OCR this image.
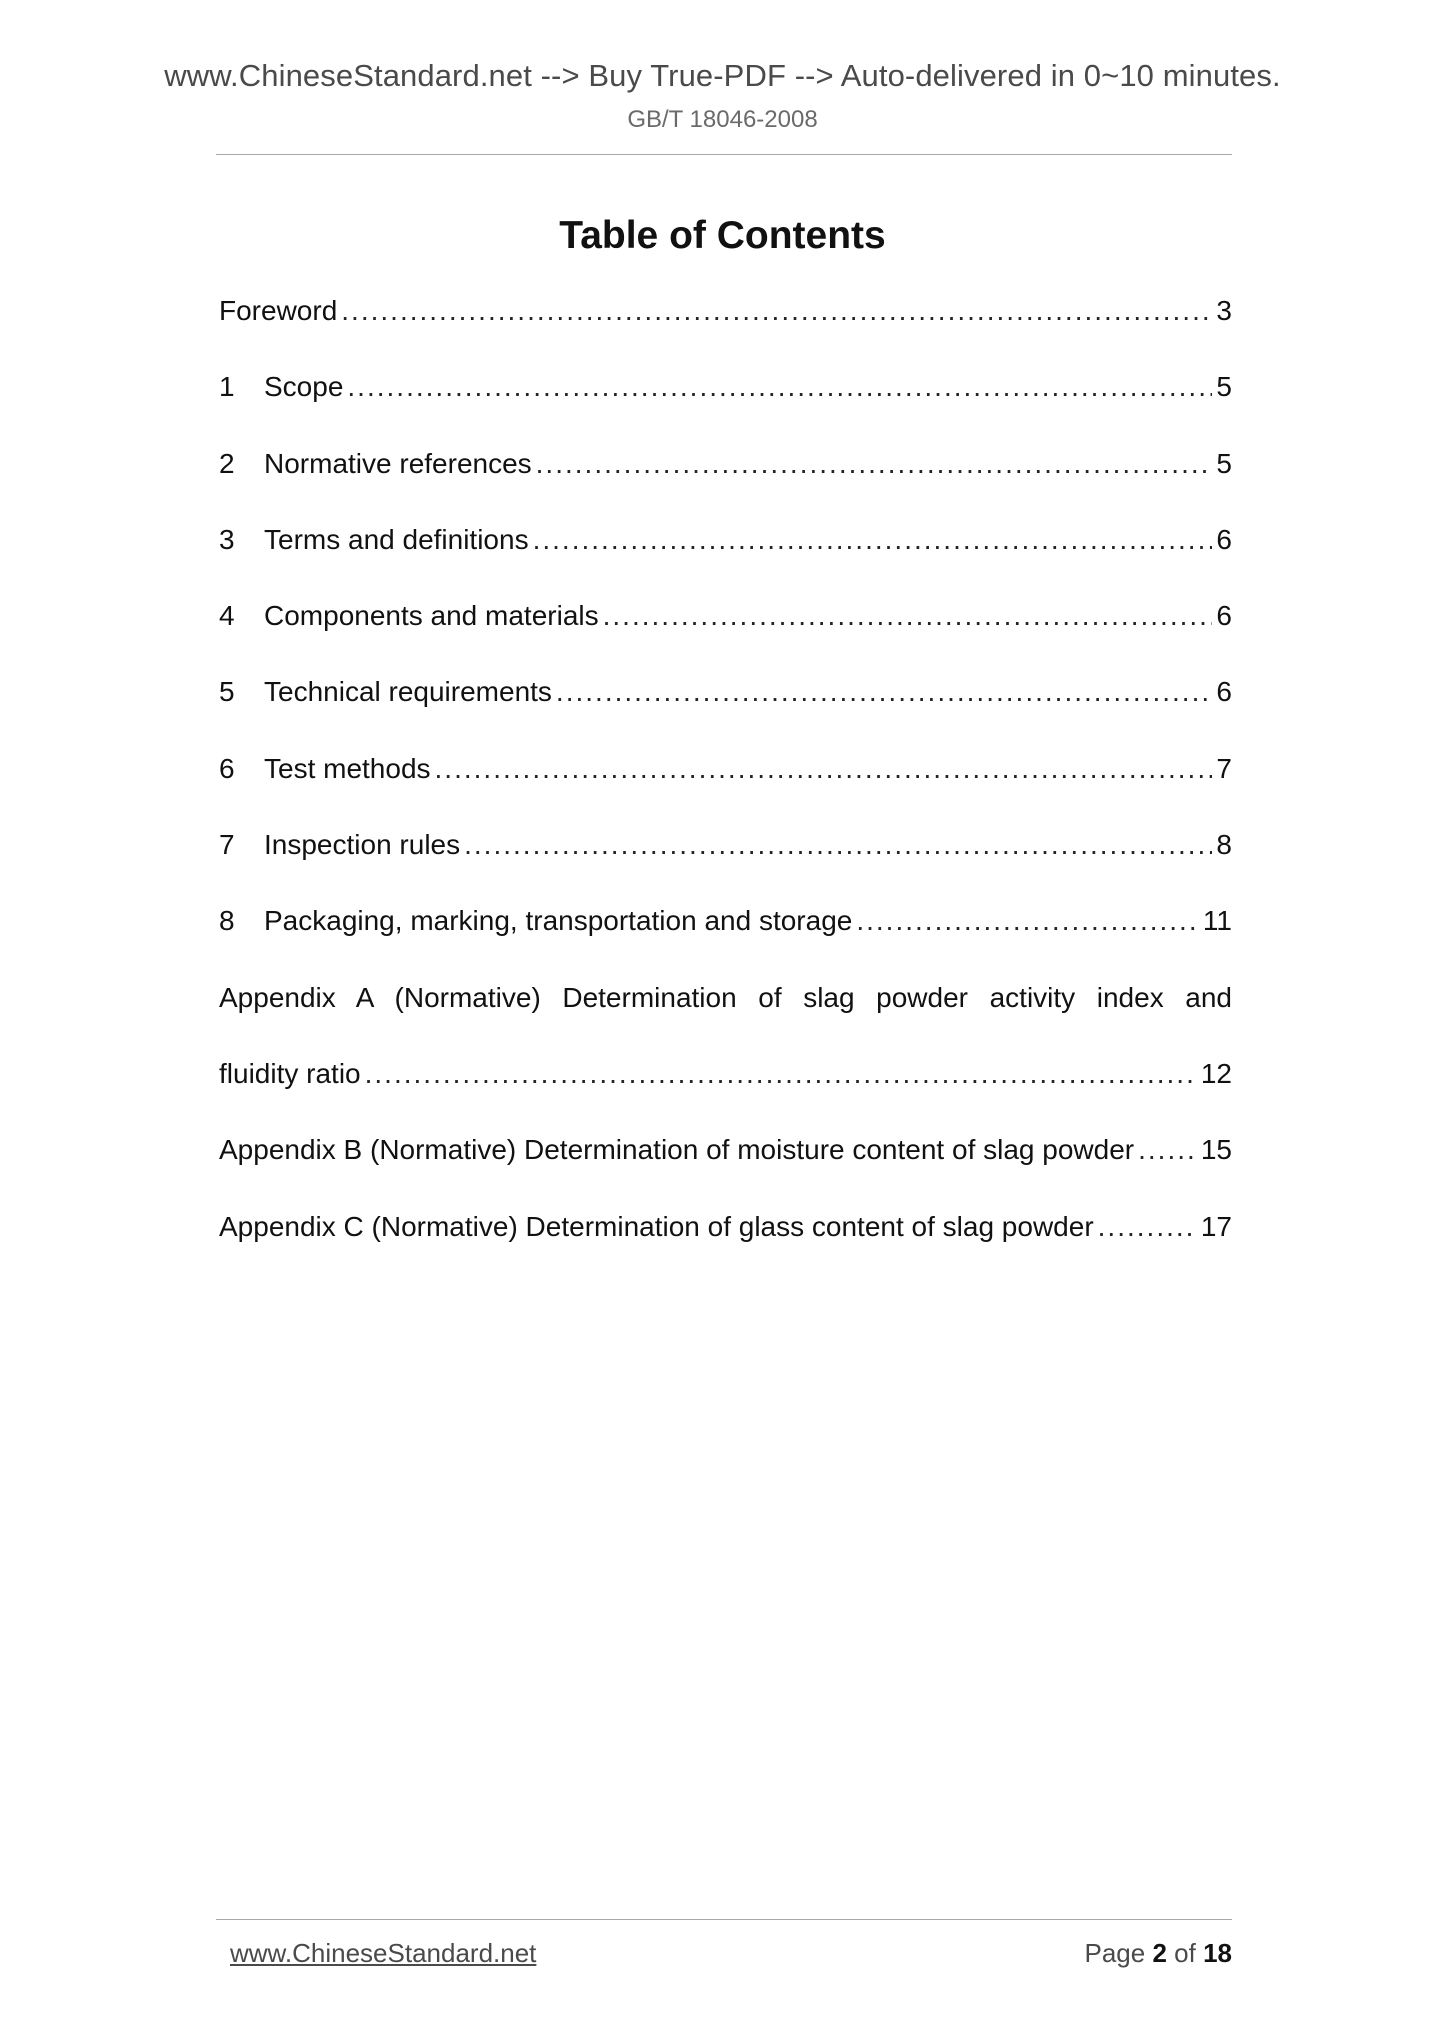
www.ChineseStandard.net --> Buy True-PDF --> Auto-delivered in 0~10 minutes.
GB/T 18046-2008
Table of Contents
Foreword .....	3
1	Scope .....	5
2	Normative references .....	5
3	Terms and definitions .....	6
4	Components and materials .....	6
5	Technical requirements .....	6
6	Test methods .....	7
7	Inspection rules .....	8
8	Packaging, marking, transportation and storage .....	11
Appendix A (Normative) Determination of slag powder activity index and
fluidity ratio .....	12
Appendix B (Normative) Determination of moisture content of slag powder ..... 15
Appendix C (Normative) Determination of glass content of slag powder .....	17
www.ChineseStandard.net	Page 2 of 18
